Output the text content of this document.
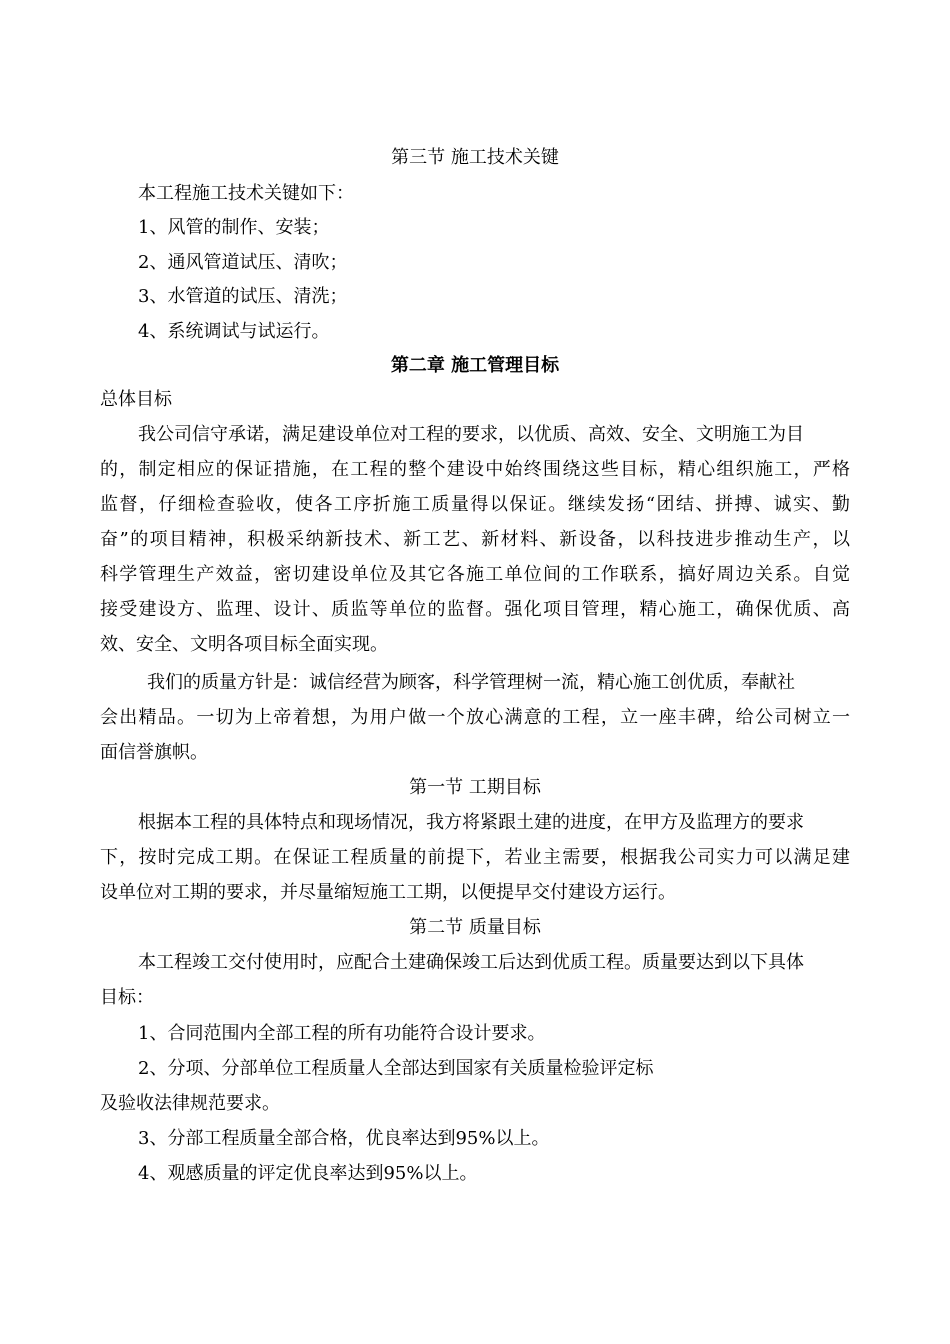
第三节 施工技术关键
本工程施工技术关键如下：
1、风管的制作、安装；
2、通风管道试压、清吹；
3、水管道的试压、清洗；
4、系统调试与试运行。
第二章 施工管理目标
总体目标
我公司信守承诺，满足建设单位对工程的要求，以优质、高效、安全、文明施工为目
的，制定相应的保证措施，在工程的整个建设中始终围绕这些目标，精心组织施工，严格
监督，仔细检查验收，使各工序折施工质量得以保证。继续发扬“团结、拼搏、诚实、勤
奋”的项目精神，积极采纳新技术、新工艺、新材料、新设备，以科技进步推动生产，以
科学管理生产效益，密切建设单位及其它各施工单位间的工作联系，搞好周边关系。自觉
接受建设方、监理、设计、质监等单位的监督。强化项目管理，精心施工，确保优质、高
效、安全、文明各项目标全面实现。
我们的质量方针是：诚信经营为顾客，科学管理树一流，精心施工创优质，奉献社
会出精品。一切为上帝着想，为用户做一个放心满意的工程，立一座丰碑，给公司树立一
面信誉旗帜。
第一节 工期目标
根据本工程的具体特点和现场情况，我方将紧跟土建的进度，在甲方及监理方的要求
下，按时完成工期。在保证工程质量的前提下，若业主需要，根据我公司实力可以满足建
设单位对工期的要求，并尽量缩短施工工期，以便提早交付建设方运行。
第二节 质量目标
本工程竣工交付使用时，应配合土建确保竣工后达到优质工程。质量要达到以下具体
目标：
1、合同范围内全部工程的所有功能符合设计要求。
2、分项、分部单位工程质量人全部达到国家有关质量检验评定标
及验收法律规范要求。
3、分部工程质量全部合格，优良率达到95%以上。
4、观感质量的评定优良率达到95%以上。
